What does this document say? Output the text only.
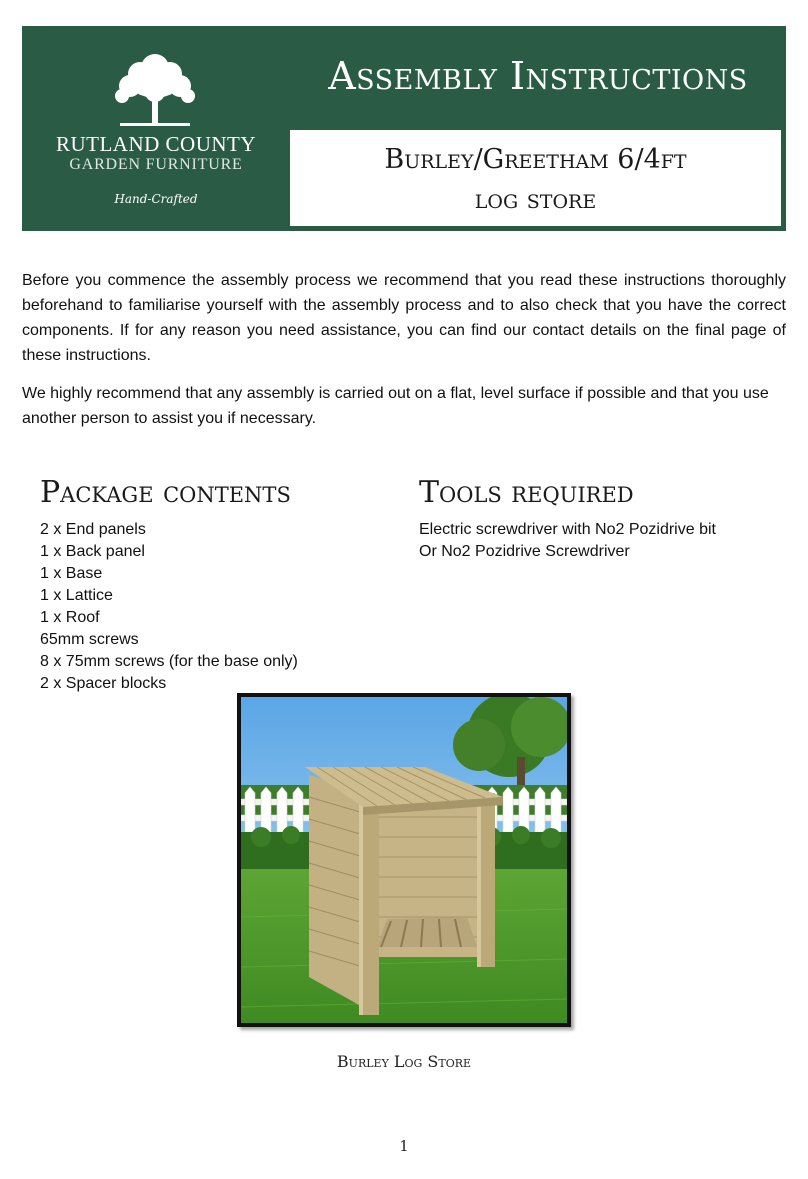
RUTLAND COUNTY
GARDEN FURNITURE
Hand-Crafted
Assembly Instructions
Burley/Greetham 6/4ft
log store

Before you commence the assembly process we recommend that you read these instructions thoroughly beforehand to familiarise yourself with the assembly process and to also check that you have the correct components. If for any reason you need assistance, you can find our contact details on the final page of these instructions.

We highly recommend that any assembly is carried out on a flat, level surface if possible and that you use another person to assist you if necessary.

Package contents
2 x End panels
1 x Back panel
1 x Base
1 x Lattice
1 x Roof
65mm screws
8 x 75mm screws (for the base only)
2 x Spacer blocks
Tools required
Electric screwdriver with No2 Pozidrive bit
Or No2 Pozidrive Screwdriver
Burley Log Store
1
